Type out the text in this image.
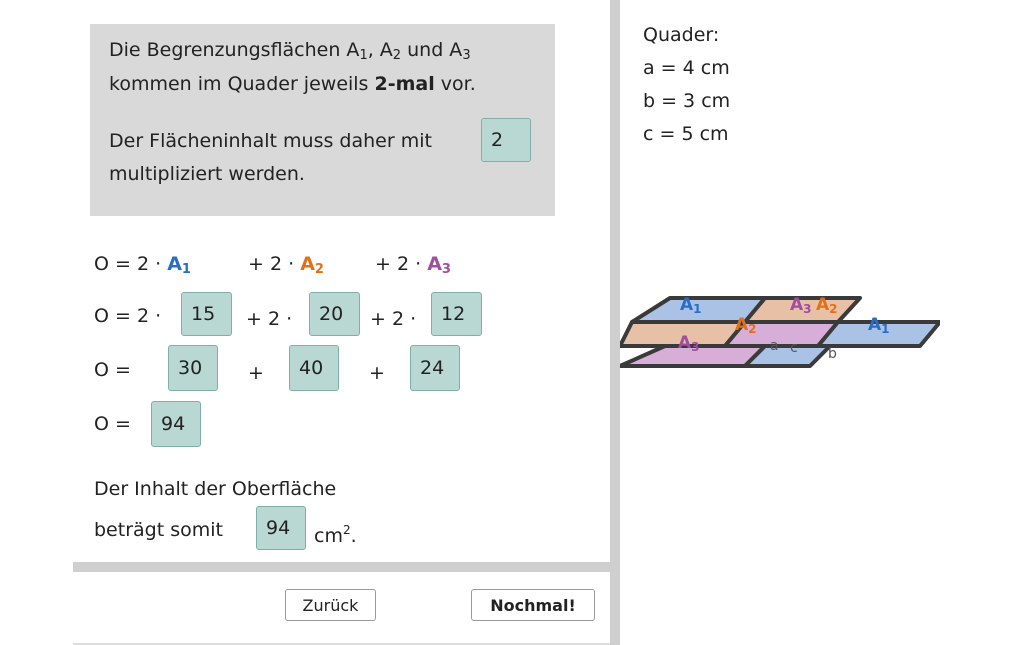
Die Begrenzungsflächen $A_1$, $A_2$ und $A_3$
kommen im Quader jeweils 2-mal vor.
Der Flächeninhalt muss daher mit	2
multipliziert werden.
$O = 2 \cdot A_1$	+ $2 \cdot A_2$	+ $2 \cdot A_3$
O = 2 ·	15	+ 2 ·	20	+ 2 ·	12
O =	30	+	40	+	24
O =	94
Der Inhalt der Oberfläche
beträgt somit	94	$cm^2$.
Zurück	Nochmal!
Quader:
a = 4 cm
b = 3 cm
c = 5 cm
A1	A3 A2
A2	A1
A3	a c b
